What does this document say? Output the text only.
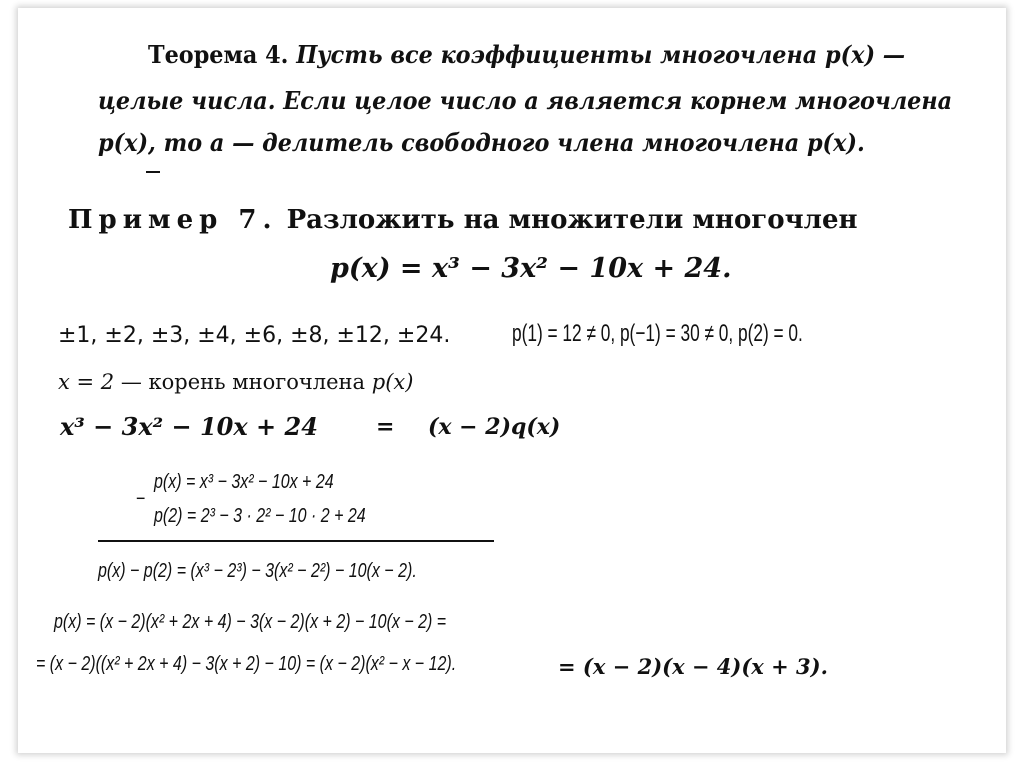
Теорема 4. Пусть все коэффициенты многочлена p(x) —
целые числа. Если целое число a является корнем многочлена
p(x), то a — делитель свободного члена многочлена p(x).
Пример 7. Разложить на множители многочлен
p(x) = x³ − 3x² − 10x + 24.
±1, ±2, ±3, ±4, ±6, ±8, ±12, ±24.	p(1) = 12 ≠ 0, p(−1) = 30 ≠ 0, p(2) = 0.
x = 2 — корень многочлена p(x)
x³ − 3x² − 10x + 24	= (x − 2)q(x)
p(x) = x³ − 3x² − 10x + 24
−
p(2) = 2³ − 3 · 2² − 10 · 2 + 24
p(x) − p(2) = (x³ − 2³) − 3(x² − 2²) − 10(x − 2).
p(x) = (x − 2)(x² + 2x + 4) − 3(x − 2)(x + 2) − 10(x − 2) =
= (x − 2)((x² + 2x + 4) − 3(x + 2) − 10) = (x − 2)(x² − x − 12).	= (x − 2)(x − 4)(x + 3).
